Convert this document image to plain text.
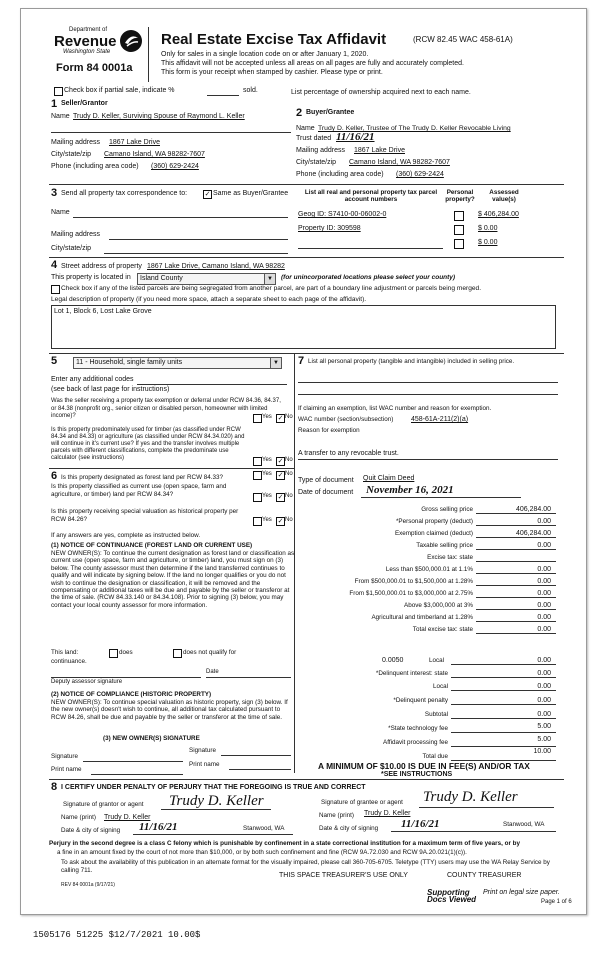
Department of
Revenue
Washington State
Form 84 0001a
Real Estate Excise Tax Affidavit	(RCW 82.45 WAC 458-61A)
Only for sales in a single location code on or after January 1, 2020.
This affidavit will not be accepted unless all areas on all pages are fully and accurately completed.
This form is your receipt when stamped by cashier. Please type or print.
Check box if partial sale, indicate %	sold.	List percentage of ownership acquired next to each name.
1 Seller/Grantor
Name Trudy D. Keller, Surviving Spouse of Raymond L. Keller
Mailing address 1867 Lake Drive
City/state/zip Camano Island, WA 98282-7607
Phone (including area code) (360) 629-2424
2 Buyer/Grantee
Name Trudy D. Keller, Trustee of The Trudy D. Keller Revocable Living
Trust dated 11/16/21
Mailing address 1867 Lake Drive
City/state/zip Camano Island, WA 98282-7607
Phone (including area code) (360) 629-2424
3 Send all property tax correspondence to: ✓ Same as Buyer/Grantee
Name
Mailing address
City/state/zip
List all real and personal property tax parcel account numbers
Personal property?
Assessed value(s)
Geog ID: S7410-00-06002-0	$ 406,284.00
Property ID: 309598	$ 0.00
$ 0.00
4 Street address of property 1867 Lake Drive, Camano Island, WA 98282
This property is located in	Island County	▼	(for unincorporated locations please select your county)
Check box if any of the listed parcels are being segregated from another parcel, are part of a boundary line adjustment or parcels being merged.
Legal description of property (if you need more space, attach a separate sheet to each page of the affidavit).
Lot 1, Block 6, Lost Lake Grove
5	11 - Household, single family units	▼
Enter any additional codes
(see back of last page for instructions)
Was the seller receiving a property tax exemption or deferral under RCW 84.36, 84.37, or 84.38 (nonprofit org., senior citizen or disabled person, homeowner with limited income)?	Yes ✓ No
Is this property predominately used for timber (as classified under RCW 84.34 and 84.33) or agriculture (as classified under RCW 84.34.020) and will continue in it's current use? If yes and the transfer involves multiple parcels with different classifications, complete the predominate use calculator (see instructions)	Yes ✓ No
6 Is this property designated as forest land per RCW 84.33?	Yes ✓ No
Is this property classified as current use (open space, farm and agriculture, or timber) land per RCW 84.34?	Yes ✓ No
Is this property receiving special valuation as historical property per RCW 84.26?	Yes ✓ No
If any answers are yes, complete as instructed below.
(1) NOTICE OF CONTINUANCE (FOREST LAND OR CURRENT USE)
NEW OWNER(S): To continue the current designation as forest land or classification as current use (open space, farm and agriculture, or timber) land, you must sign on (3) below. The county assessor must then determine if the land transferred continues to qualify and will indicate by signing below. If the land no longer qualifies or you do not wish to continue the designation or classification, it will be removed and the compensating or additional taxes will be due and payable by the seller or transferor at the time of sale. (RCW 84.33.140 or 84.34.108). Prior to signing (3) below, you may contact your local county assessor for more information.
This land:	does	does not qualify for
continuance.
Deputy assessor signature
Date
(2) NOTICE OF COMPLIANCE (HISTORIC PROPERTY)
NEW OWNER(S): To continue special valuation as historic property, sign (3) below. If the new owner(s) doesn't wish to continue, all additional tax calculated pursuant to RCW 84.26, shall be due and payable by the seller or transferor at the time of sale.
(3) NEW OWNER(S) SIGNATURE
Signature
Signature
Print name
Print name
7 List all personal property (tangible and intangible) included in selling price.
If claiming an exemption, list WAC number and reason for exemption.
WAC number (section/subsection)	458-61A-211(2)(a)
Reason for exemption
A transfer to any revocable trust.
Type of document Quit Claim Deed
Date of document November 16, 2021
Gross selling price	406,284.00
*Personal property (deduct)	0.00
Exemption claimed (deduct)	406,284.00
Taxable selling price	0.00
Excise tax: state
Less than $500,000.01 at 1.1%	0.00
From $500,000.01 to $1,500,000 at 1.28%	0.00
From $1,500,000.01 to $3,000,000 at 2.75%	0.00
Above $3,000,000 at 3%	0.00
Agricultural and timberland at 1.28%	0.00
Total excise tax: state	0.00
0.0050	Local	0.00
*Delinquent interest: state	0.00
Local	0.00
*Delinquent penalty	0.00
Subtotal	0.00
*State technology fee	5.00
Affidavit processing fee	5.00
Total due
10.00
A MINIMUM OF $10.00 IS DUE IN FEE(S) AND/OR TAX
*SEE INSTRUCTIONS
8 I CERTIFY UNDER PENALTY OF PERJURY THAT THE FOREGOING IS TRUE AND CORRECT
Signature of grantor or agent Trudy D. Keller
Name (print) Trudy D. Keller
Date & city of signing 11/16/21	Stanwood, WA
Signature of grantee or agent Trudy D. Keller
Name (print) Trudy D. Keller
Date & city of signing 11/16/21	Stanwood, WA
Perjury in the second degree is a class C felony which is punishable by confinement in a state correctional institution for a maximum term of five years, or by
a fine in an amount fixed by the court of not more than $10,000, or by both such confinement and fine (RCW 9A.72.030 and RCW 9A.20.021(1)(c)).
To ask about the availability of this publication in an alternate format for the visually impaired, please call 360-705-6705. Teletype (TTY) users may use the WA Relay Service by calling 711.
REV 84 0001a (9/17/21)
THIS SPACE TREASURER'S USE ONLY	COUNTY TREASURER
Supporting Docs Viewed
Print on legal size paper.
Page 1 of 6
1505176 51225 $12/7/2021 10.00$
